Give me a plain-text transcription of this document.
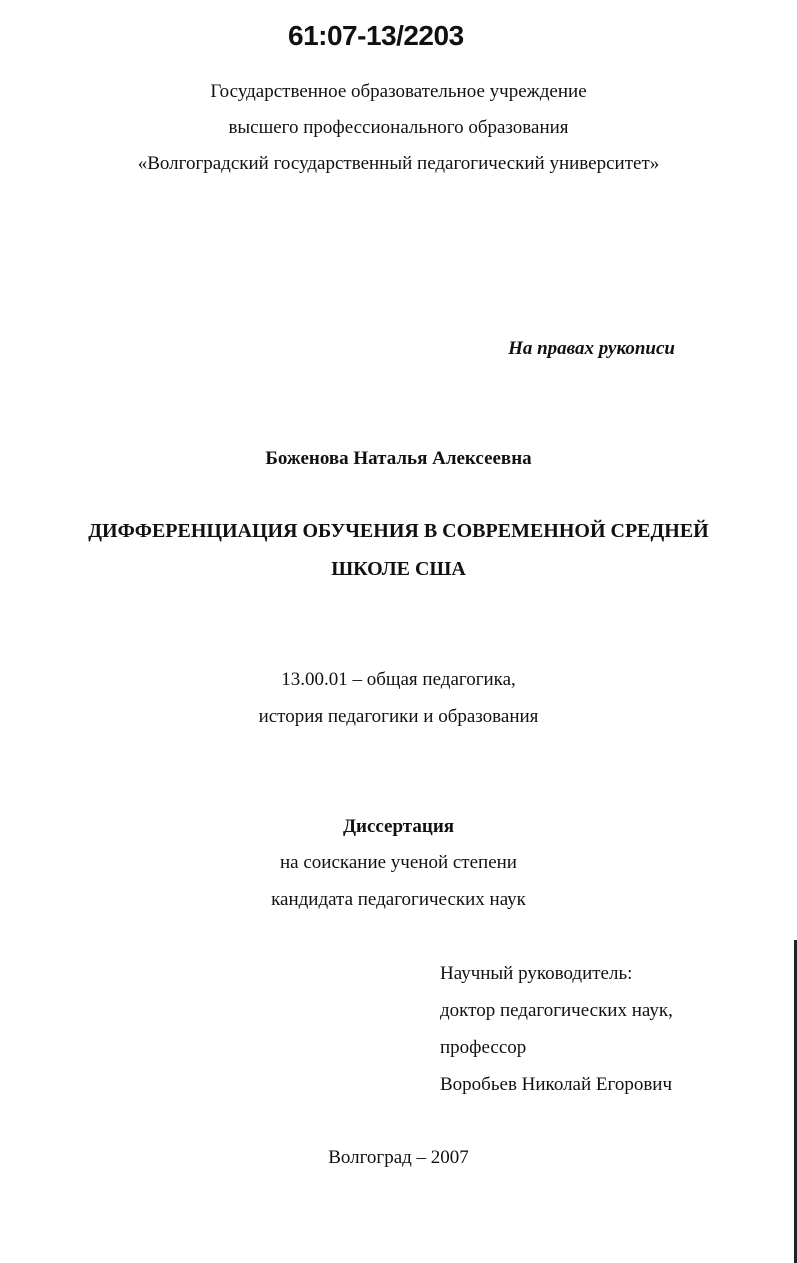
61:07-13/2203
Государственное образовательное учреждение
высшего профессионального образования
«Волгоградский государственный педагогический университет»
На правах рукописи
Боженова Наталья Алексеевна
ДИФФЕРЕНЦИАЦИЯ ОБУЧЕНИЯ В СОВРЕМЕННОЙ СРЕДНЕЙ
ШКОЛЕ США
13.00.01 – общая педагогика,
история педагогики и образования
Диссертация
на соискание ученой степени
кандидата педагогических наук
Научный руководитель:
доктор педагогических наук,
профессор
Воробьев Николай Егорович
Волгоград – 2007
